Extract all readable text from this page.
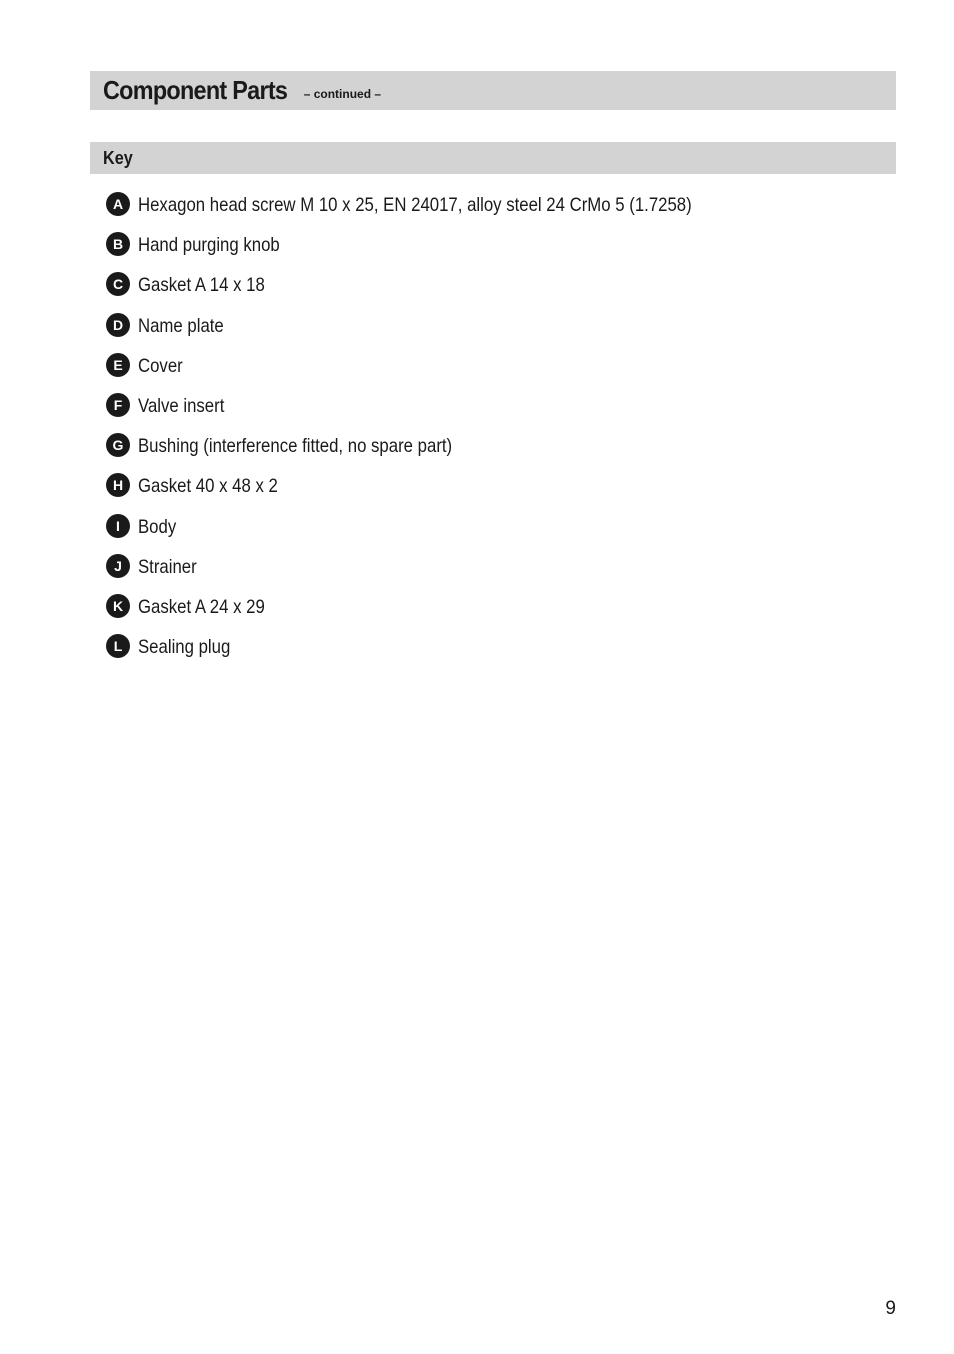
Component Parts – continued –
Key
A Hexagon head screw M 10 x 25, EN 24017, alloy steel 24 CrMo 5 (1.7258)
B Hand purging knob
C Gasket A 14 x 18
D Name plate
E Cover
F Valve insert
G Bushing (interference fitted, no spare part)
H Gasket 40 x 48 x 2
I Body
J Strainer
K Gasket A 24 x 29
L Sealing plug
9
